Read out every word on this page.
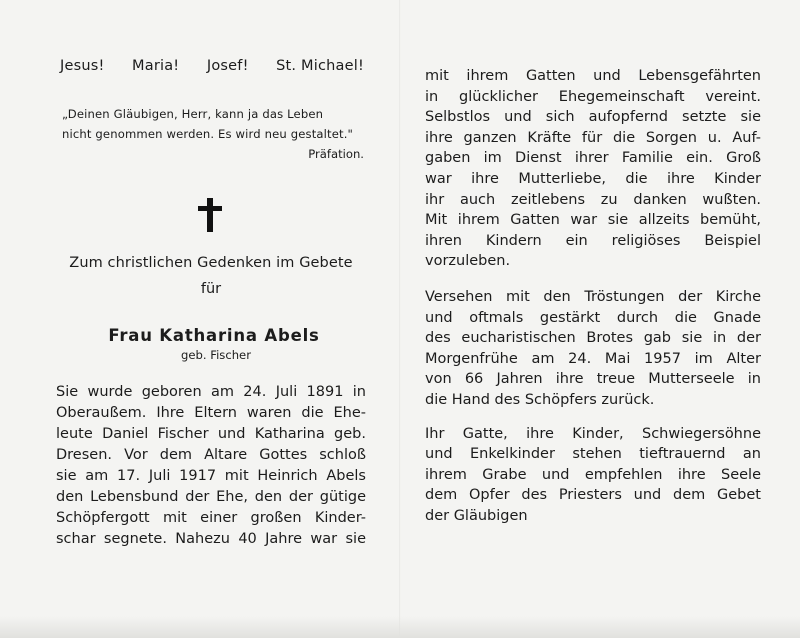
Jesus! Maria! Josef! St. Michael!
„Deinen Gläubigen, Herr, kann ja das Leben
nicht genommen werden. Es wird neu gestaltet."
Präfation.
Zum christlichen Gedenken im Gebete
für
Frau Katharina Abels
geb. Fischer
Sie wurde geboren am 24. Juli 1891 in
Oberaußem. Ihre Eltern waren die Ehe-
leute Daniel Fischer und Katharina geb.
Dresen. Vor dem Altare Gottes schloß
sie am 17. Juli 1917 mit Heinrich Abels
den Lebensbund der Ehe, den der gütige
Schöpfergott mit einer großen Kinder-
schar segnete. Nahezu 40 Jahre war sie
mit ihrem Gatten und Lebensgefährten
in glücklicher Ehegemeinschaft vereint.
Selbstlos und sich aufopfernd setzte sie
ihre ganzen Kräfte für die Sorgen u. Auf-
gaben im Dienst ihrer Familie ein. Groß
war ihre Mutterliebe, die ihre Kinder
ihr auch zeitlebens zu danken wußten.
Mit ihrem Gatten war sie allzeits bemüht,
ihren Kindern ein religiöses Beispiel
vorzuleben.
Versehen mit den Tröstungen der Kirche
und oftmals gestärkt durch die Gnade
des eucharistischen Brotes gab sie in der
Morgenfrühe am 24. Mai 1957 im Alter
von 66 Jahren ihre treue Mutterseele in
die Hand des Schöpfers zurück.
Ihr Gatte, ihre Kinder, Schwiegersöhne
und Enkelkinder stehen tieftrauernd an
ihrem Grabe und empfehlen ihre Seele
dem Opfer des Priesters und dem Gebet
der Gläubigen
